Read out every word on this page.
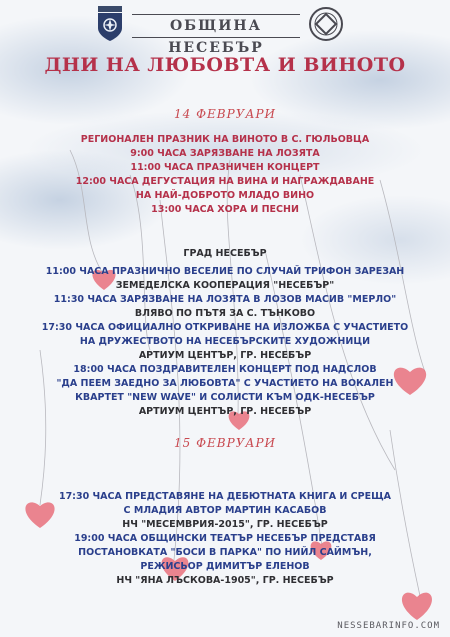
ОБЩИНА НЕСЕБЪР
ДНИ НА ЛЮБОВТА И ВИНОТО
14 ФЕВРУАРИ
РЕГИОНАЛЕН ПРАЗНИК НА ВИНОТО В С. ГЮЛЬОВЦА
9:00 ЧАСА ЗАРЯЗВАНЕ НА ЛОЗЯТА
11:00 ЧАСА ПРАЗНИЧЕН КОНЦЕРТ
12:00 ЧАСА ДЕГУСТАЦИЯ НА ВИНА И НАГРАЖДАВАНЕ
НА НАЙ-ДОБРОТО МЛАДО ВИНО
13:00 ЧАСА ХОРА И ПЕСНИ
ГРАД НЕСЕБЪР
11:00 ЧАСА ПРАЗНИЧНО ВЕСЕЛИЕ ПО СЛУЧАЙ ТРИФОН ЗАРЕЗАН
ЗЕМЕДЕЛСКА КООПЕРАЦИЯ "НЕСЕБЪР"
11:30 ЧАСА ЗАРЯЗВАНЕ НА ЛОЗЯТА В ЛОЗОВ МАСИВ "МЕРЛО"
ВЛЯВО ПО ПЪТЯ ЗА С. ТЪНКОВО
17:30 ЧАСА ОФИЦИАЛНО ОТКРИВАНЕ НА ИЗЛОЖБА С УЧАСТИЕТО
НА ДРУЖЕСТВОТО НА НЕСЕБЪРСКИТЕ ХУДОЖНИЦИ
АРТИУМ ЦЕНТЪР, ГР. НЕСЕБЪР
18:00 ЧАСА ПОЗДРАВИТЕЛЕН КОНЦЕРТ ПОД НАДСЛОВ
"ДА ПЕЕМ ЗАЕДНО ЗА ЛЮБОВТА" С УЧАСТИЕТО НА ВОКАЛЕН
КВАРТЕТ "NEW WAVE" И СОЛИСТИ КЪМ ОДК-НЕСЕБЪР
АРТИУМ ЦЕНТЪР, ГР. НЕСЕБЪР
15 ФЕВРУАРИ
17:30 ЧАСА ПРЕДСТАВЯНЕ НА ДЕБЮТНАТА КНИГА И СРЕЩА
С МЛАДИЯ АВТОР МАРТИН КАСАБОВ
НЧ "МЕСЕМВРИЯ-2015", ГР. НЕСЕБЪР
19:00 ЧАСА ОБЩИНСКИ ТЕАТЪР НЕСЕБЪР ПРЕДСТАВЯ
ПОСТАНОВКАТА "БОСИ В ПАРКА" ПО НИЙЛ САЙМЪН,
РЕЖИСЬОР ДИМИТЪР ЕЛЕНОВ
НЧ "ЯНА ЛЪСКОВА-1905", ГР. НЕСЕБЪР
NESSEBARINFO.COM
